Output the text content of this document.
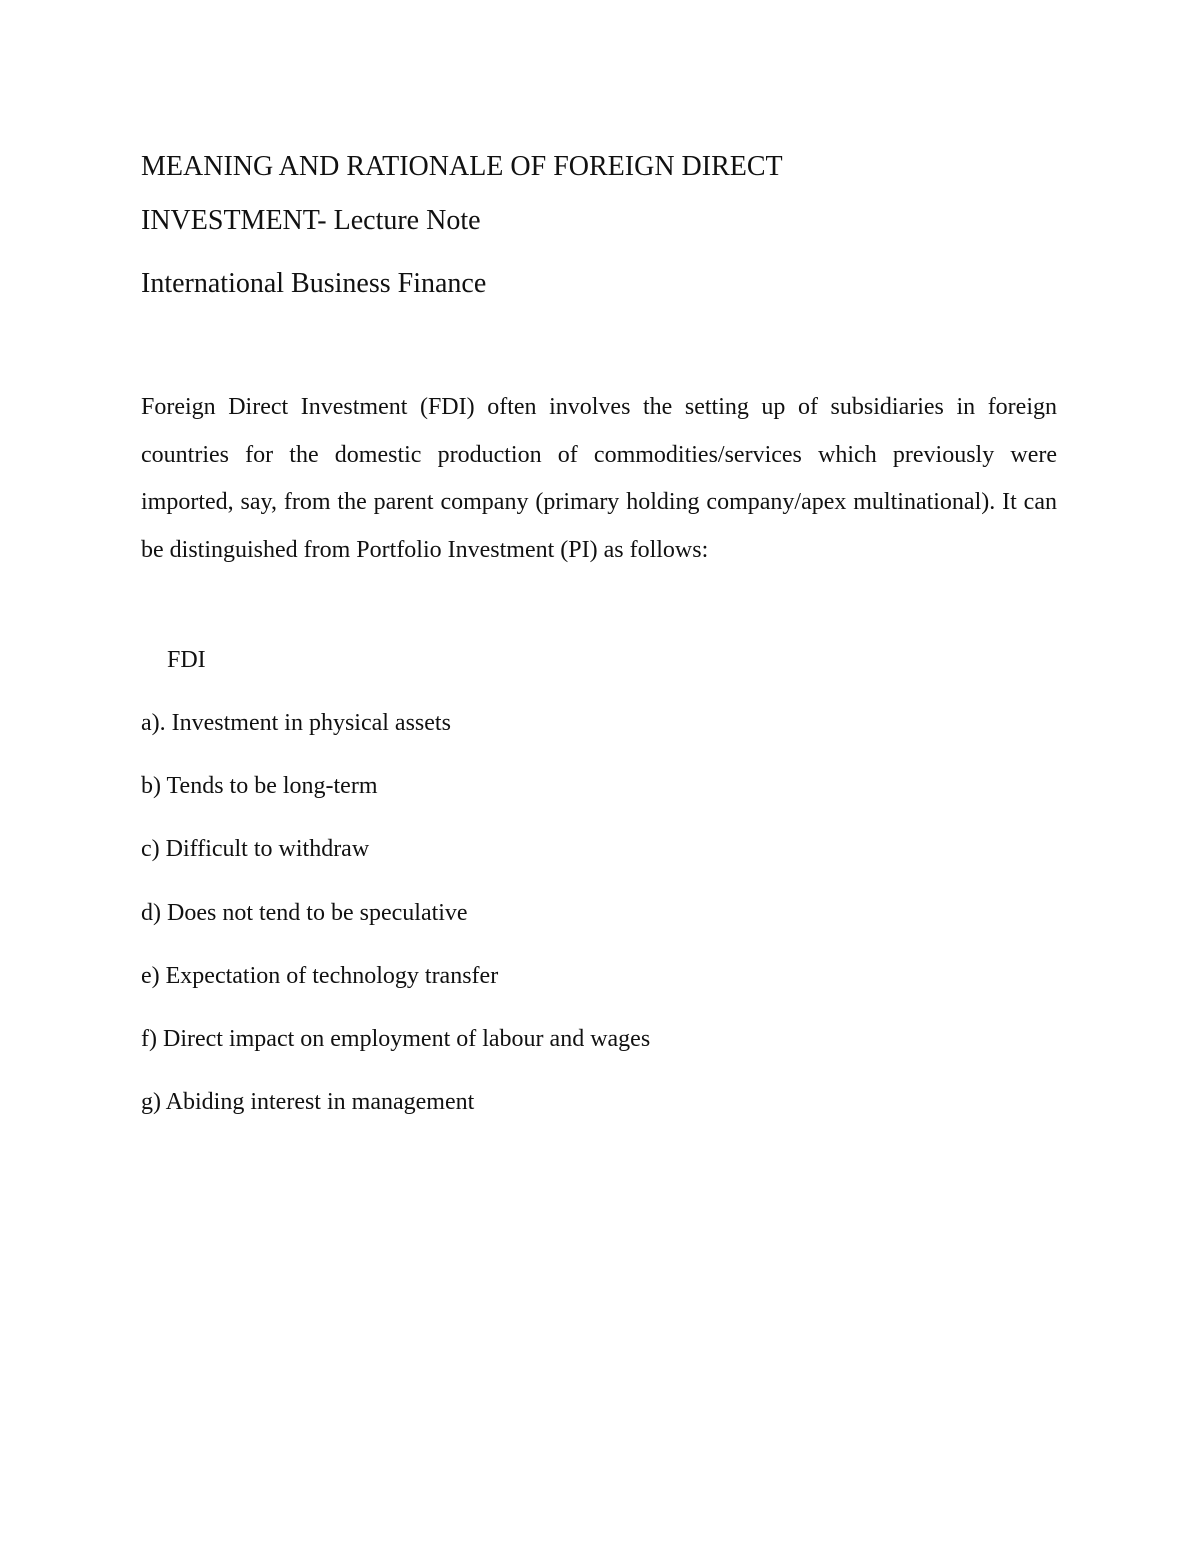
MEANING AND RATIONALE OF FOREIGN DIRECT
INVESTMENT- Lecture Note
International Business Finance

Foreign Direct Investment (FDI) often involves the setting up of subsidiaries in foreign countries for the domestic production of commodities/services which previously were imported, say, from the parent company (primary holding company/apex multinational). It can be distinguished from Portfolio Investment (PI) as follows:

FDI

a). Investment in physical assets
b) Tends to be long-term
c) Difficult to withdraw
d) Does not tend to be speculative
e) Expectation of technology transfer
f) Direct impact on employment of labour and wages
g) Abiding interest in management
